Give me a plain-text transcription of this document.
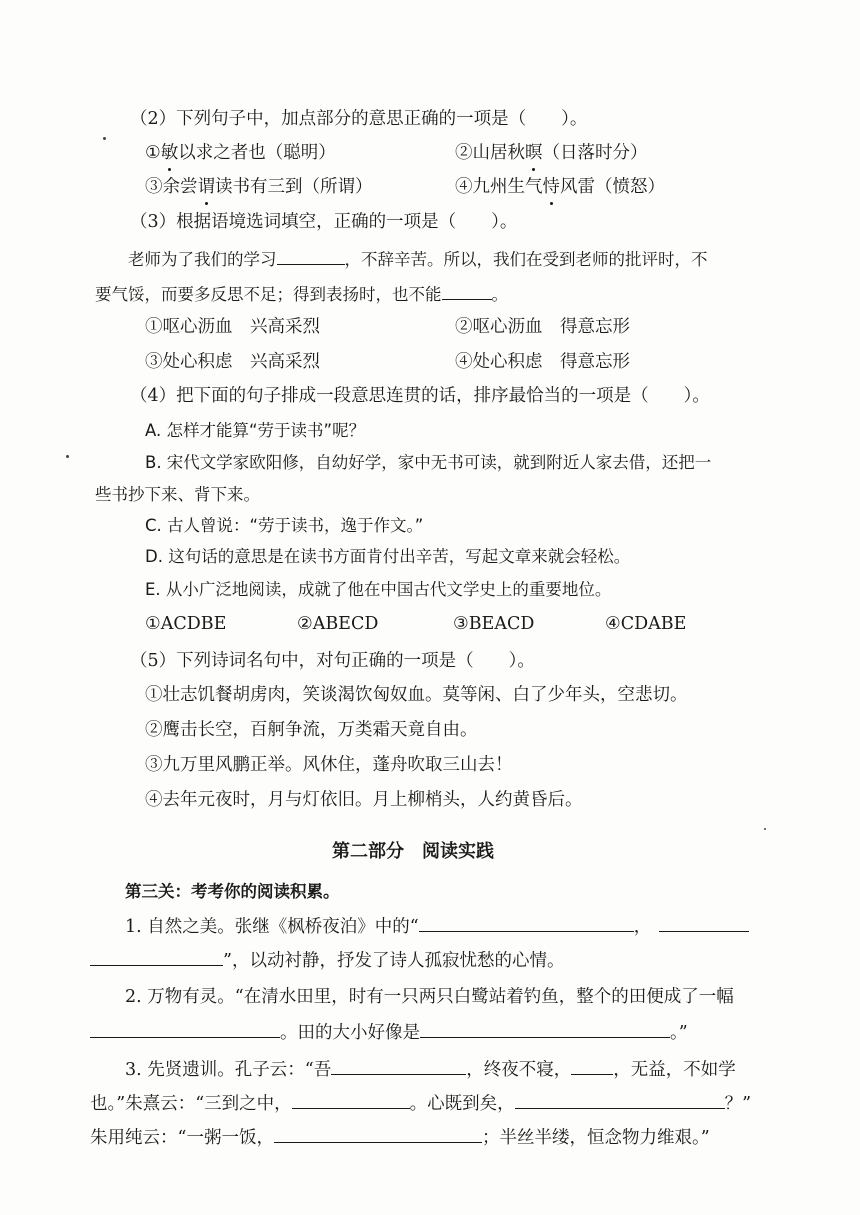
（2）下列句子中，加点部分的意思正确的一项是（　　）。
①敏以求之者也（聪明）	②山居秋暝（日落时分）
③余尝谓读书有三到（所谓）	④九州生气恃风雷（愤怒）
（3）根据语境选词填空，正确的一项是（　　）。
老师为了我们的学习	，不辞辛苦。所以，我们在受到老师的批评时，不
要气馁，而要多反思不足；得到表扬时，也不能	。
①呕心沥血　兴高采烈	②呕心沥血　得意忘形
③处心积虑　兴高采烈	④处心积虑　得意忘形
（4）把下面的句子排成一段意思连贯的话，排序最恰当的一项是（　　）。
A. 怎样才能算“劳于读书”呢？
B. 宋代文学家欧阳修，自幼好学，家中无书可读，就到附近人家去借，还把一
些书抄下来、背下来。
C. 古人曾说：“劳于读书，逸于作文。”
D. 这句话的意思是在读书方面肯付出辛苦，写起文章来就会轻松。
E. 从小广泛地阅读，成就了他在中国古代文学史上的重要地位。
①ACDBE	②ABECD	③BEACD	④CDABE
（5）下列诗词名句中，对句正确的一项是（　　）。
①壮志饥餐胡虏肉，笑谈渴饮匈奴血。莫等闲、白了少年头，空悲切。
②鹰击长空，百舸争流，万类霜天竟自由。
③九万里风鹏正举。风休住，蓬舟吹取三山去！
④去年元夜时，月与灯依旧。月上柳梢头，人约黄昏后。
第二部分　阅读实践
第三关：考考你的阅读积累。
1. 自然之美。张继《枫桥夜泊》中的“	，
”，以动衬静，抒发了诗人孤寂忧愁的心情。
2. 万物有灵。“在清水田里，时有一只两只白鹭站着钓鱼，整个的田便成了一幅
。田的大小好像是	。”
3. 先贤遗训。孔子云：“吾	，终夜不寝， ，无益，不如学
也。”朱熹云：“三到之中，	。心既到矣，	？”
朱用纯云：“一粥一饭，	；半丝半缕，恒念物力维艰。”
